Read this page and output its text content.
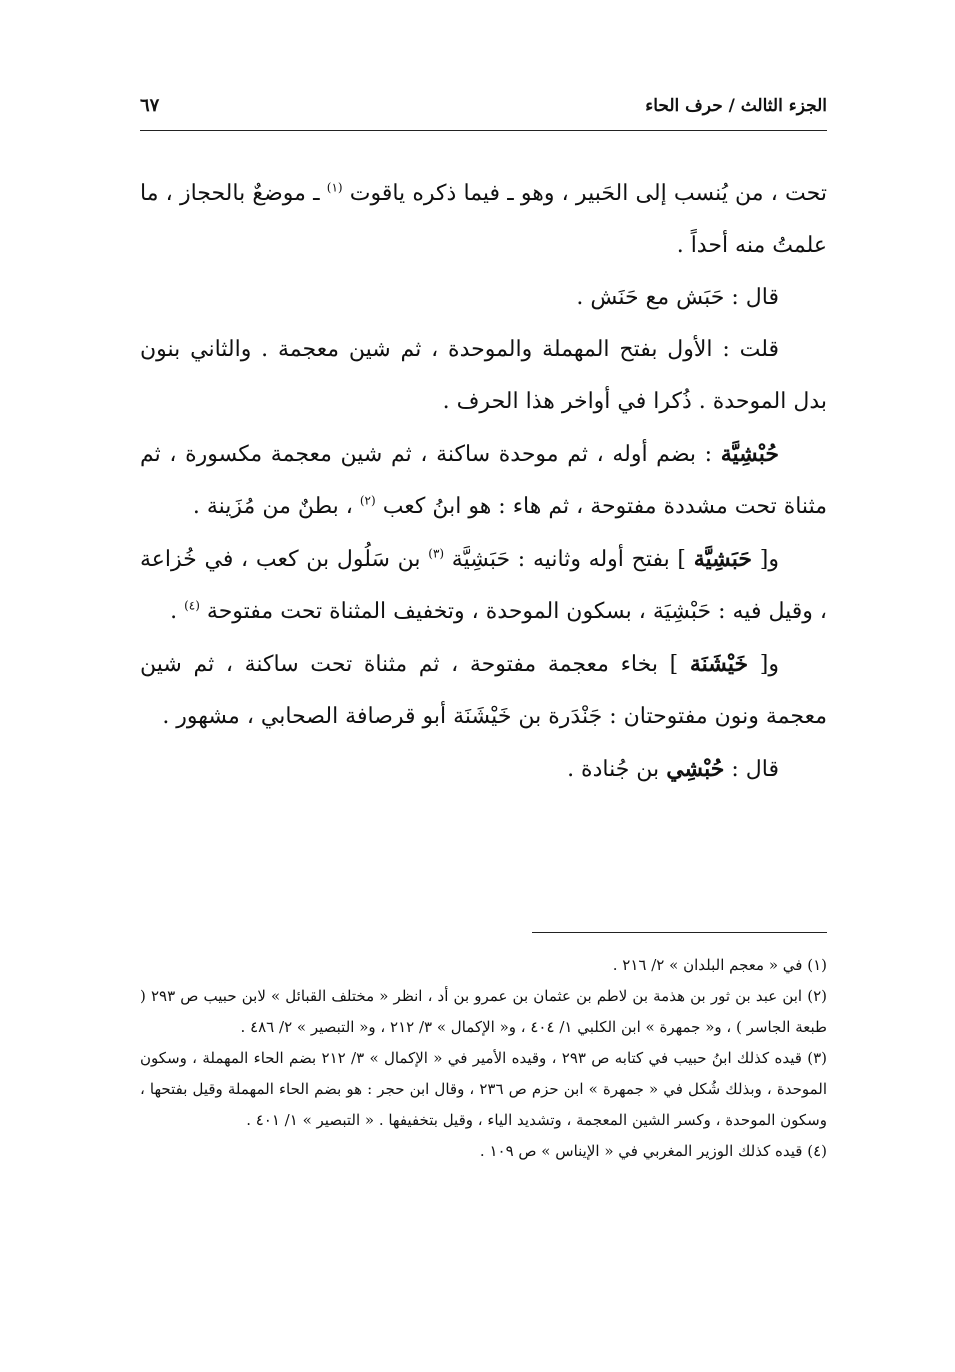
الجزء الثالث / حرف الحاء
٦٧

تحت ، من يُنسب إلى الحَبير ، وهو ـ فيما ذكره ياقوت $^{(١)}$ ـ موضعٌ بالحجاز ، ما علمتُ منه أحداً .

قال : حَبَش مع حَنَش .

قلت : الأول بفتح المهملة والموحدة ، ثم شين معجمة . والثاني بنون بدل الموحدة . ذُكرا في أواخر هذا الحرف .

حُبْشِيَّة : بضم أوله ، ثم موحدة ساكنة ، ثم شين معجمة مكسورة ، ثم مثناة تحت مشددة مفتوحة ، ثم هاء : هو ابنُ كعب $^{(٢)}$ ، بطنٌ من مُزَينة .

و[ حَبَشِيَّة ] بفتح أوله وثانيه : حَبَشِيَّة $^{(٣)}$ بن سَلُول بن كعب ، في خُزاعة ، وقيل فيه : حَبْشِيَة ، بسكون الموحدة ، وتخفيف المثناة تحت مفتوحة $^{(٤)}$ .

و[ خَيْشَنَة ] بخاء معجمة مفتوحة ، ثم مثناة تحت ساكنة ، ثم شين معجمة ونون مفتوحتان : جَنْدَرة بن خَيْشَنَة أبو قرصافة الصحابي ، مشهور .

قال : حُبْشِي بن جُنادة .

(١) في « معجم البلدان » ٢/ ٢١٦ .

(٢) ابن عبد بن ثور بن هذمة بن لاطم بن عثمان بن عمرو بن أد ، انظر « مختلف القبائل » لابن حبيب ص ٢٩٣ ( طبعة الجاسر ) ، و« جمهرة » ابن الكلبي ١/ ٤٠٤ ، و« الإكمال » ٣/ ٢١٢ ، و« التبصير » ٢/ ٤٨٦ .

(٣) قيده كذلك ابنُ حبيب في كتابه ص ٢٩٣ ، وقيده الأمير في « الإكمال » ٣/ ٢١٢ بضم الحاء المهملة ، وسكون الموحدة ، وبذلك شُكل في « جمهرة » ابن حزم ص ٢٣٦ ، وقال ابن حجر : هو بضم الحاء المهملة وقيل بفتحها ، وسكون الموحدة ، وكسر الشين المعجمة ، وتشديد الياء ، وقيل بتخفيفها . « التبصير » ١/ ٤٠١ .

(٤) قيده كذلك الوزير المغربي في « الإيناس » ص ١٠٩ .
